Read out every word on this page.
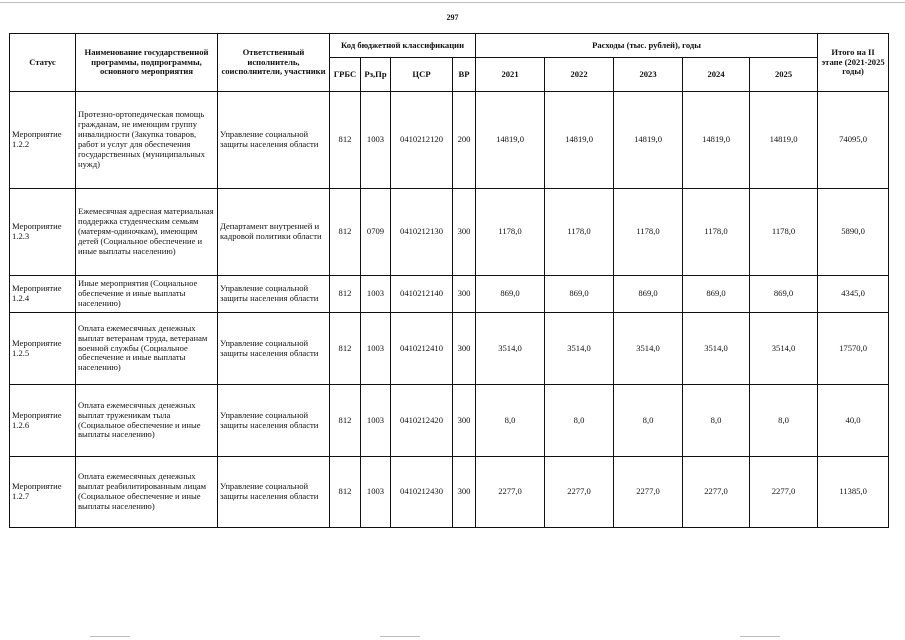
297
Статус	Наименование государственной программы, подпрограммы, основного мероприятия	Ответственный исполнитель, соисполнители, участники	Код бюджетной классификации				Расходы (тыс. рублей), годы					Итого на II этапе (2021-2025 годы)
			ГРБС	Рз,Пр	ЦСР	ВР	2021	2022	2023	2024	2025	
Мероприятие 1.2.2	Протезно-ортопедическая помощь гражданам, не имеющим группу инвалидности (Закупка товаров, работ и услуг для обеспечения государственных (муниципальных нужд)	Управление социальной защиты населения области	812	1003	0410212120	200	14819,0	14819,0	14819,0	14819,0	14819,0	74095,0
Мероприятие 1.2.3	Ежемесячная адресная материальная поддержка студенческим семьям (матерям-одиночкам), имеющим детей (Социальное обеспечение и иные выплаты населению)	Департамент внутренней и кадровой политики области	812	0709	0410212130	300	1178,0	1178,0	1178,0	1178,0	1178,0	5890,0
Мероприятие 1.2.4	Иные мероприятия (Социальное обеспечение и иные выплаты населению)	Управление социальной защиты населения области	812	1003	0410212140	300	869,0	869,0	869,0	869,0	869,0	4345,0
Мероприятие 1.2.5	Оплата ежемесячных денежных выплат ветеранам труда, ветеранам военной службы (Социальное обеспечение и иные выплаты населению)	Управление социальной защиты населения области	812	1003	0410212410	300	3514,0	3514,0	3514,0	3514,0	3514,0	17570,0
Мероприятие 1.2.6	Оплата ежемесячных денежных выплат труженикам тыла (Социальное обеспечение и иные выплаты населению)	Управление социальной защиты населения области	812	1003	0410212420	300	8,0	8,0	8,0	8,0	8,0	40,0
Мероприятие 1.2.7	Оплата ежемесячных денежных выплат реабилитированным лицам (Социальное обеспечение и иные выплаты населению)	Управление социальной защиты населения области	812	1003	0410212430	300	2277,0	2277,0	2277,0	2277,0	2277,0	11385,0
